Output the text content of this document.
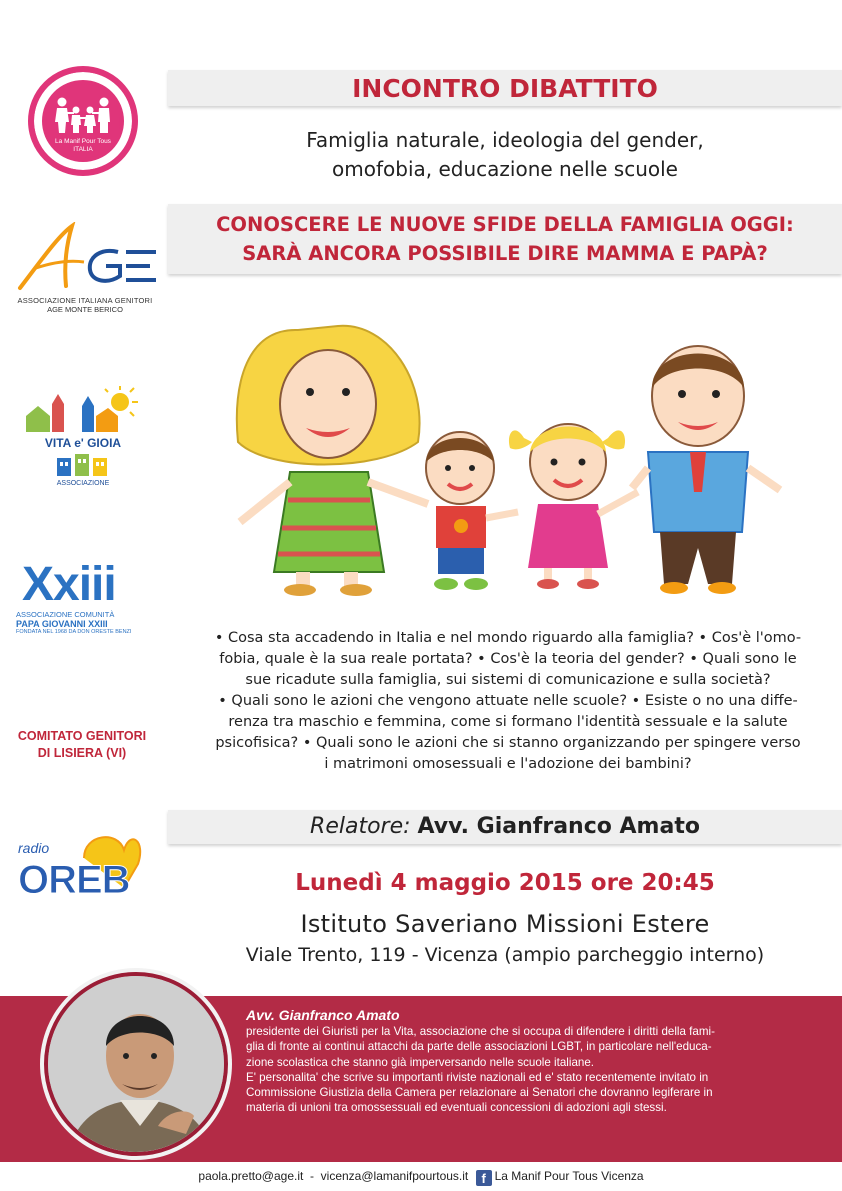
La Manif Pour Tous
ITALIA
ASSOCIAZIONE ITALIANA GENITORI
AGE MONTE BERICO
VITA e' GIOIA
ASSOCIAZIONE
Xxiii
ASSOCIAZIONE COMUNITÀ
PAPA GIOVANNI XXIII
FONDATA NEL 1968 DA DON ORESTE BENZI
COMITATO GENITORI
DI LISIERA (VI)
radio
OREB
INCONTRO DIBATTITO
Famiglia naturale, ideologia del gender,
omofobia, educazione nelle scuole
CONOSCERE LE NUOVE SFIDE DELLA FAMIGLIA OGGI:
SARÀ ANCORA POSSIBILE DIRE MAMMA E PAPÀ?
• Cosa sta accadendo in Italia e nel mondo riguardo alla famiglia? • Cos'è l'omo-
fobia, quale è la sua reale portata? • Cos'è la teoria del gender? • Quali sono le
sue ricadute sulla famiglia, sui sistemi di comunicazione e sulla società?
• Quali sono le azioni che vengono attuate nelle scuole? • Esiste o no una diffe-
renza tra maschio e femmina, come si formano l'identità sessuale e la salute
psicofisica? • Quali sono le azioni che si stanno organizzando per spingere verso
i matrimoni omosessuali e l'adozione dei bambini?
Relatore: Avv. Gianfranco Amato
Lunedì 4 maggio 2015 ore 20:45
Istituto Saveriano Missioni Estere
Viale Trento, 119 - Vicenza (ampio parcheggio interno)
Avv. Gianfranco Amato
presidente dei Giuristi per la Vita, associazione che si occupa di difendere i diritti della fami-
glia di fronte ai continui attacchi da parte delle associazioni LGBT, in particolare nell'educa-
zione scolastica che stanno già imperversando nelle scuole italiane.
E' personalita' che scrive su importanti riviste nazionali ed e' stato recentemente invitato in
Commissione Giustizia della Camera per relazionare ai Senatori che dovranno legiferare in
materia di unioni tra omossessuali ed eventuali concessioni di adozioni agli stessi.
paola.pretto@age.it - vicenza@lamanifpourtous.it f La Manif Pour Tous Vicenza
